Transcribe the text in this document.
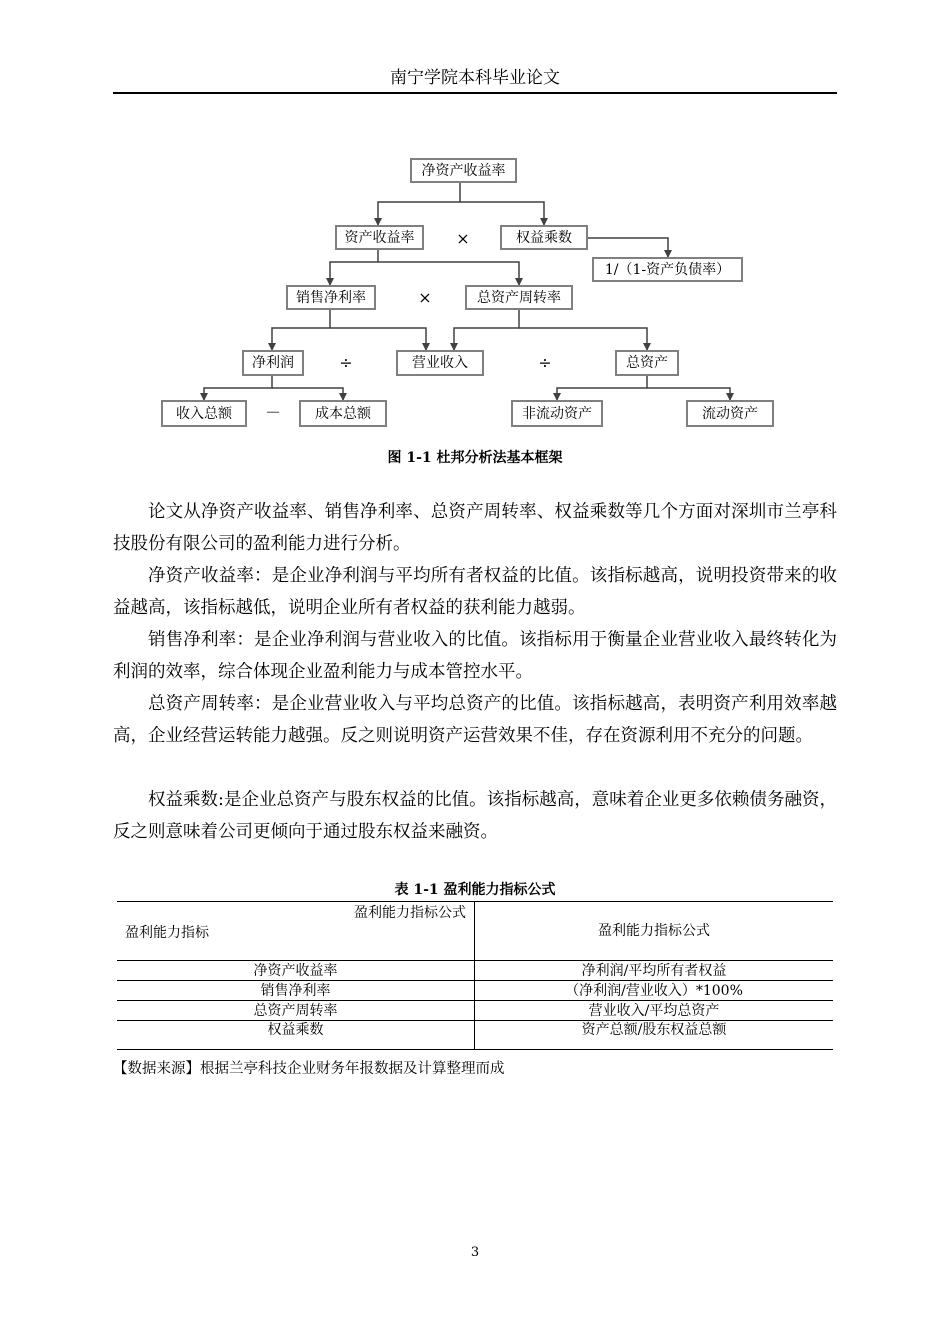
南宁学院本科毕业论文
净资产收益率
资产收益率	×	权益乘数
1/（1-资产负债率）
销售净利率	×	总资产周转率
净利润	÷	营业收入	÷	总资产
收入总额	－	成本总额	非流动资产	流动资产
图 1-1 杜邦分析法基本框架

论文从净资产收益率、销售净利率、总资产周转率、权益乘数等几个方面对深圳市兰亭科技股份有限公司的盈利能力进行分析。

净资产收益率：是企业净利润与平均所有者权益的比值。该指标越高，说明投资带来的收益越高，该指标越低，说明企业所有者权益的获利能力越弱。

销售净利率：是企业净利润与营业收入的比值。该指标用于衡量企业营业收入最终转化为利润的效率，综合体现企业盈利能力与成本管控水平。

总资产周转率：是企业营业收入与平均总资产的比值。该指标越高，表明资产利用效率越高，企业经营运转能力越强。反之则说明资产运营效果不佳，存在资源利用不充分的问题。

权益乘数:是企业总资产与股东权益的比值。该指标越高，意味着企业更多依赖债务融资，反之则意味着公司更倾向于通过股东权益来融资。

表 1-1 盈利能力指标公式
盈利能力指标公式
盈利能力指标	盈利能力指标公式
净资产收益率	净利润/平均所有者权益
销售净利率	（净利润/营业收入）*100%
总资产周转率	营业收入/平均总资产
权益乘数	资产总额/股东权益总额
【数据来源】根据兰亭科技企业财务年报数据及计算整理而成
3
